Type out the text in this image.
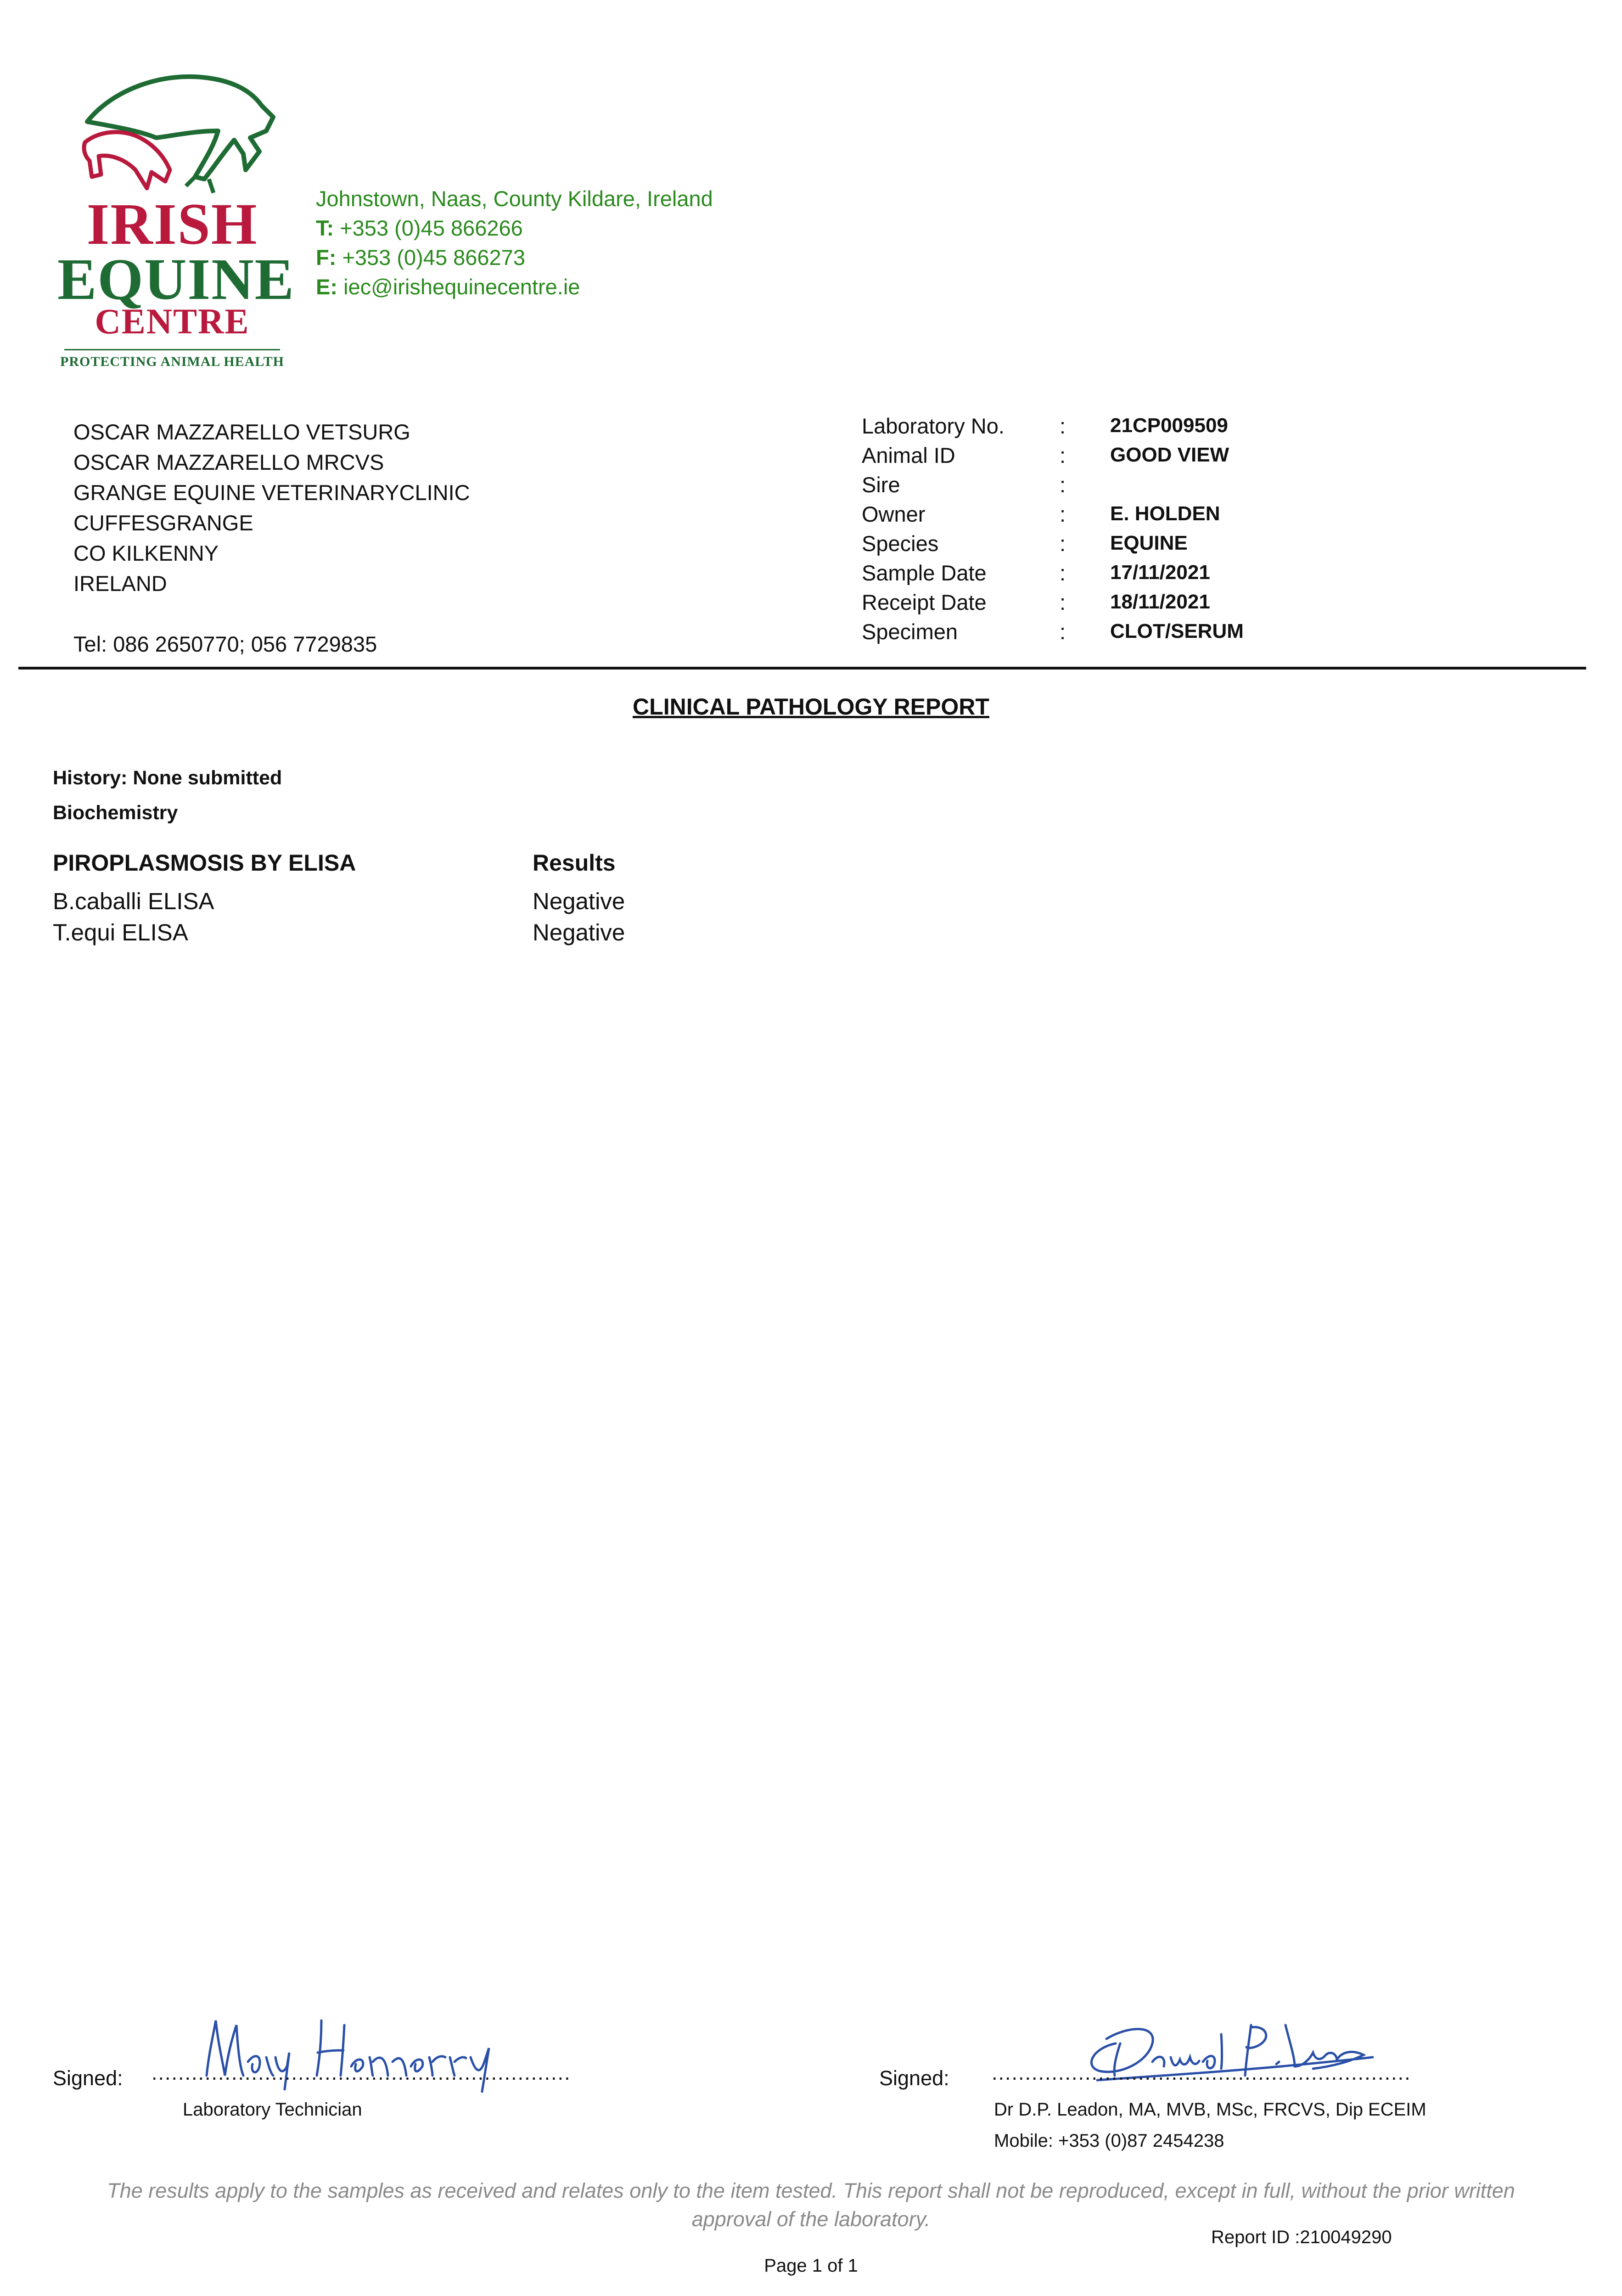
IRISH
EQUINE
CENTRE
PROTECTING ANIMAL HEALTH
Johnstown, Naas, County Kildare, Ireland
T: +353 (0)45 866266
F: +353 (0)45 866273
E: iec@irishequinecentre.ie
OSCAR MAZZARELLO VETSURG
OSCAR MAZZARELLO MRCVS
GRANGE EQUINE VETERINARYCLINIC
CUFFESGRANGE
CO KILKENNY
IRELAND
Tel: 086 2650770; 056 7729835
Laboratory No.	: 21CP009509
Animal ID	: GOOD VIEW
Sire	:
Owner	: E. HOLDEN
Species	: EQUINE
Sample Date	: 17/11/2021
Receipt Date	: 18/11/2021
Specimen	: CLOT/SERUM
CLINICAL PATHOLOGY REPORT
History: None submitted
Biochemistry
PIROPLASMOSIS BY ELISA	Results
B.caballi ELISA	Negative
T.equi ELISA	Negative
Signed: ...............................................................
Laboratory Technician
Signed: ...............................................................
Dr D.P. Leadon, MA, MVB, MSc, FRCVS, Dip ECEIM
Mobile: +353 (0)87 2454238
The results apply to the samples as received and relates only to the item tested. This report shall not be reproduced, except in full, without the prior written approval of the laboratory.
Report ID :210049290
Page 1 of 1
